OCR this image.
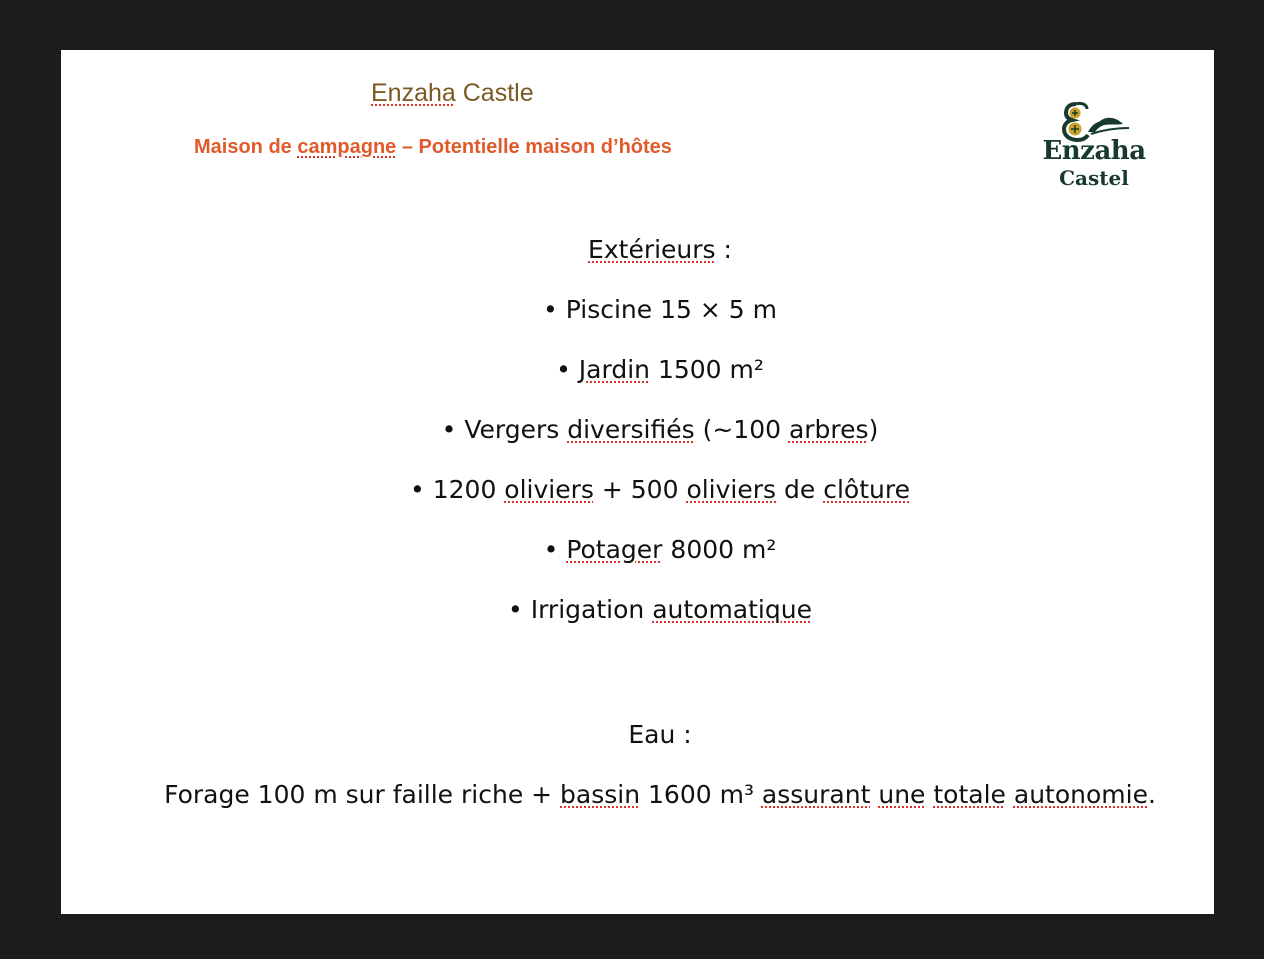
Enzaha Castle
Maison de campagne – Potentielle maison d’hôtes	Enzaha
Castel
Extérieurs :
• Piscine 15 × 5 m
• Jardin 1500 m²
• Vergers diversifiés (~100 arbres)
• 1200 oliviers + 500 oliviers de clôture
• Potager 8000 m²
• Irrigation automatique
Eau :
Forage 100 m sur faille riche + bassin 1600 m³ assurant une totale autonomie.
